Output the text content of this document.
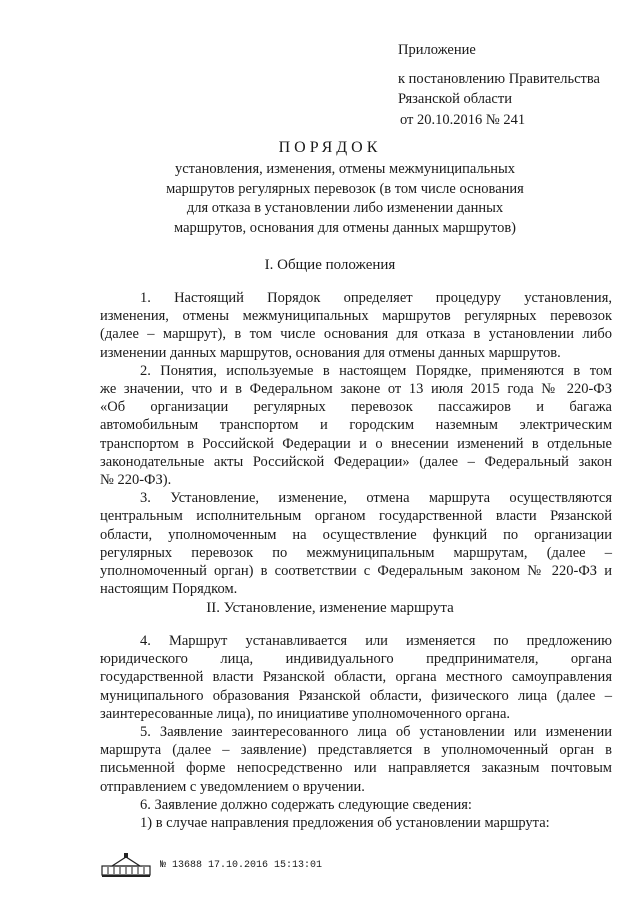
Приложение
к постановлению Правительства
Рязанской области
от 20.10.2016 № 241
ПОРЯДОК
установления, изменения, отмены межмуниципальных
маршрутов регулярных перевозок (в том числе основания
для отказа в установлении либо изменении данных
маршрутов, основания для отмены данных маршрутов)
I. Общие положения
1. Настоящий Порядок определяет процедуру установления,
изменения, отмены межмуниципальных маршрутов регулярных перевозок
(далее – маршрут), в том числе основания для отказа в установлении либо
изменении данных маршрутов, основания для отмены данных маршрутов.
2. Понятия, используемые в настоящем Порядке, применяются в том
же значении, что и в Федеральном законе от 13 июля 2015 года № 220-ФЗ
«Об организации регулярных перевозок пассажиров и багажа
автомобильным транспортом и городским наземным электрическим
транспортом в Российской Федерации и о внесении изменений в отдельные
законодательные акты Российской Федерации» (далее – Федеральный закон
№ 220-ФЗ).
3. Установление, изменение, отмена маршрута осуществляются
центральным исполнительным органом государственной власти Рязанской
области, уполномоченным на осуществление функций по организации
регулярных перевозок по межмуниципальным маршрутам, (далее –
уполномоченный орган) в соответствии с Федеральным законом № 220-ФЗ и
настоящим Порядком.
II. Установление, изменение маршрута
4. Маршрут устанавливается или изменяется по предложению
юридического лица, индивидуального предпринимателя, органа
государственной власти Рязанской области, органа местного самоуправления
муниципального образования Рязанской области, физического лица (далее –
заинтересованные лица), по инициативе уполномоченного органа.
5. Заявление заинтересованного лица об установлении или изменении
маршрута (далее – заявление) представляется в уполномоченный орган в
письменной форме непосредственно или направляется заказным почтовым
отправлением с уведомлением о вручении.
6. Заявление должно содержать следующие сведения:
1) в случае направления предложения об установлении маршрута:
№ 13688 17.10.2016 15:13:01
